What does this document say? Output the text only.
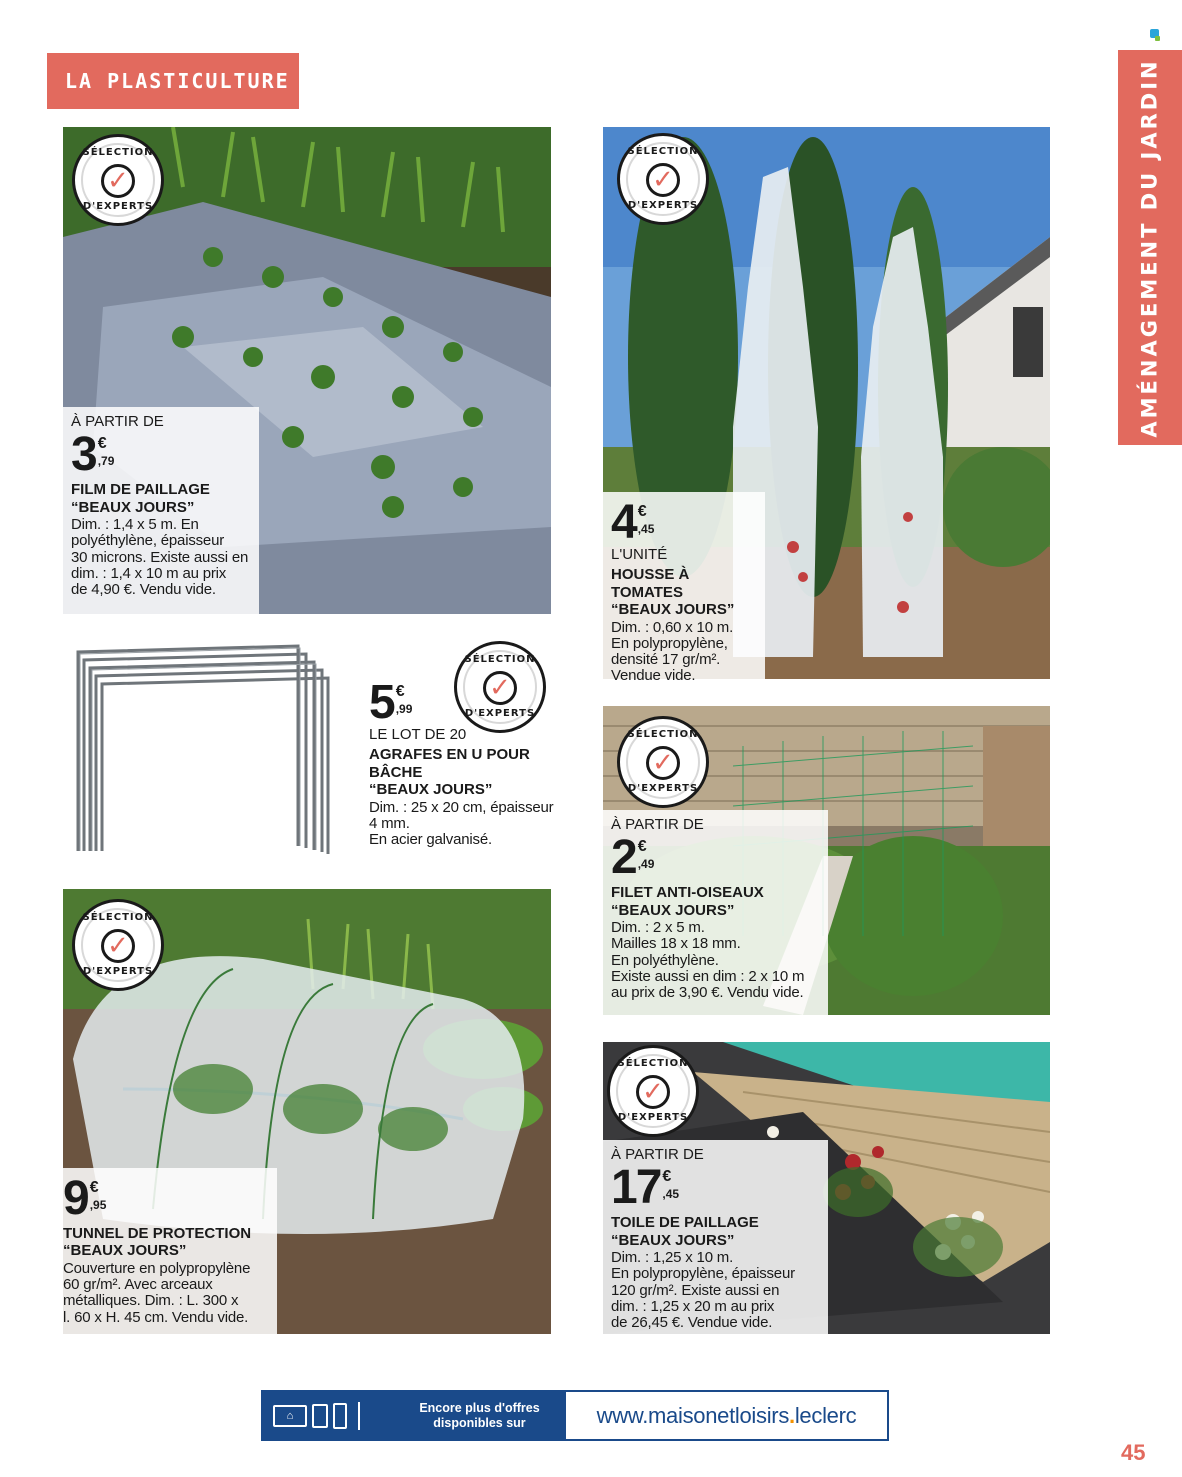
LA PLASTICULTURE	AMÉNAGEMENT DU JARDIN
SÉLECTION
✓
D'EXPERTS
À PARTIR DE
3 €
, 79
FILM DE PAILLAGE
“BEAUX JOURS”
Dim. : 1,4 x 5 m. En
polyéthylène, épaisseur
30 microns. Existe aussi en
dim. : 1,4 x 10 m au prix
de 4,90 €. Vendu vide.
SÉLECTION
✓
D'EXPERTS
4 €
, 45
L'UNITÉ
HOUSSE À TOMATES
“BEAUX JOURS”
Dim. : 0,60 x 10 m.
En polypropylène,
densité 17 gr/m².
Vendue vide.
SÉLECTION
✓
D'EXPERTS
5 €
, 99
LE LOT DE 20
AGRAFES EN U POUR BÂCHE
“BEAUX JOURS”
Dim. : 25 x 20 cm, épaisseur
4 mm.
En acier galvanisé.
SÉLECTION
✓
D'EXPERTS
À PARTIR DE
2 €
, 49
FILET ANTI-OISEAUX
“BEAUX JOURS”
Dim. : 2 x 5 m.
Mailles 18 x 18 mm.
En polyéthylène.
Existe aussi en dim : 2 x 10 m
au prix de 3,90 €. Vendu vide.
SÉLECTION
✓
D'EXPERTS
9 €
, 95
TUNNEL DE PROTECTION
“BEAUX JOURS”
Couverture en polypropylène
60 gr/m². Avec arceaux
métalliques. Dim. : L. 300 x
l. 60 x H. 45 cm. Vendu vide.
SÉLECTION
✓
D'EXPERTS
À PARTIR DE
17 €
, 45
TOILE DE PAILLAGE
“BEAUX JOURS”
Dim. : 1,25 x 10 m.
En polypropylène, épaisseur
120 gr/m². Existe aussi en
dim. : 1,25 x 20 m au prix
de 26,45 €. Vendue vide.
⌂
Encore plus d'offres
disponibles sur	www.maisonetloisirs . leclerc
45
